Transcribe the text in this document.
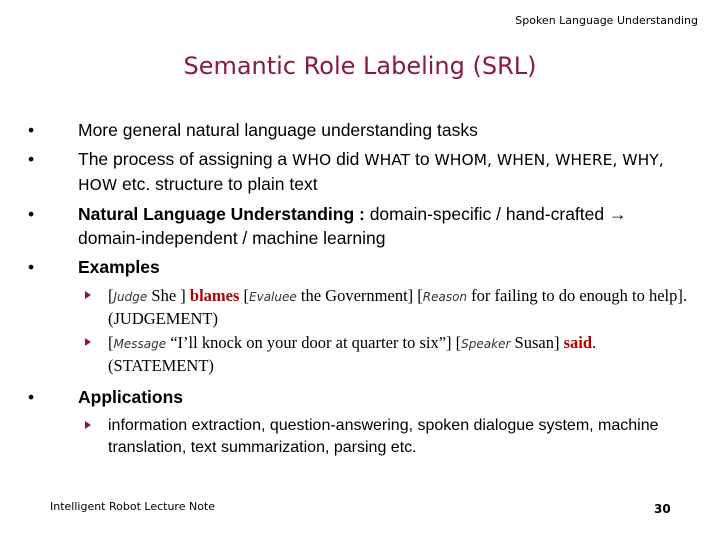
Spoken Language Understanding
Semantic Role Labeling (SRL)

•	More general natural language understanding tasks

•	The process of assigning a WHO did WHAT to WHOM, WHEN, WHERE, WHY, HOW etc. structure to plain text

•	Natural Language Understanding : domain-specific / hand-crafted → domain-independent / machine learning

•	Examples

[Judge She ] blames [Evaluee the Government] [Reason for failing to do enough to help]. (JUDGEMENT)

[Message “I’ll knock on your door at quarter to six”] [Speaker Susan] said. (STATEMENT)

•	Applications

information extraction, question-answering, spoken dialogue system, machine translation, text summarization, parsing etc.

Intelligent Robot Lecture Note	30
